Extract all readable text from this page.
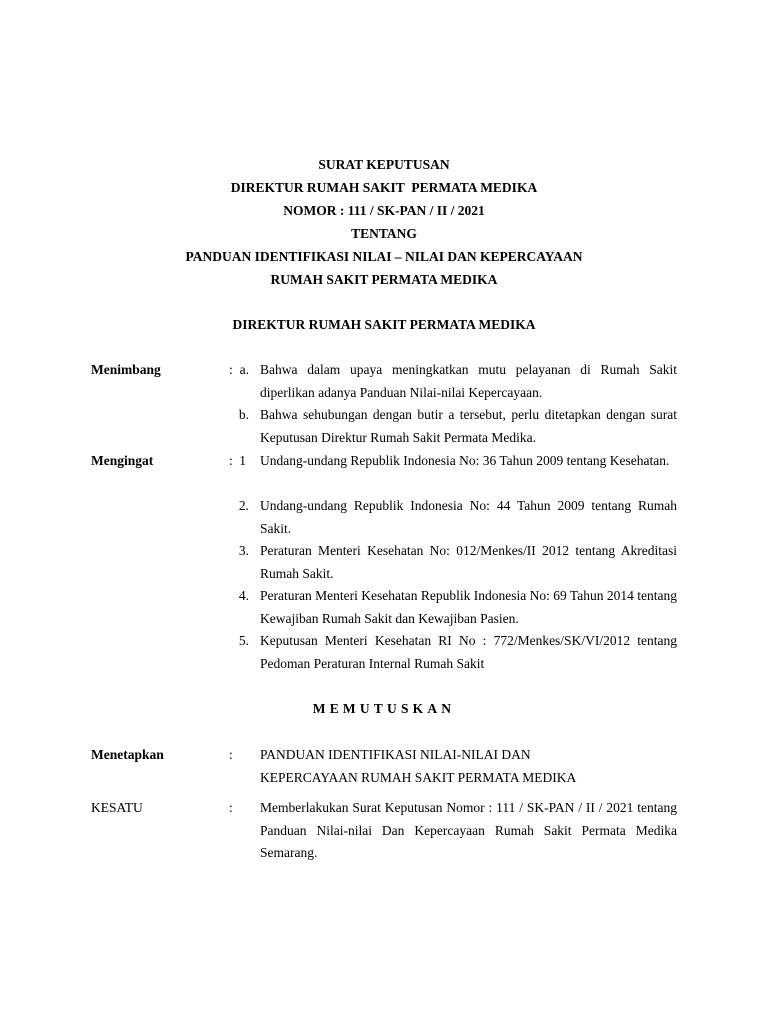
SURAT KEPUTUSAN
DIREKTUR RUMAH SAKIT  PERMATA MEDIKA
NOMOR : 111 / SK-PAN / II / 2021
TENTANG
PANDUAN IDENTIFIKASI NILAI – NILAI DAN KEPERCAYAAN
RUMAH SAKIT PERMATA MEDIKA
DIREKTUR RUMAH SAKIT PERMATA MEDIKA
Menimbang	: a. Bahwa dalam upaya meningkatkan mutu pelayanan di Rumah Sakit diperlikan adanya Panduan Nilai-nilai Kepercayaan.
b. Bahwa sehubungan dengan butir a tersebut, perlu ditetapkan dengan surat Keputusan Direktur Rumah Sakit Permata Medika.
Mengingat	: 1 Undang-undang Republik Indonesia No: 36 Tahun 2009 tentang Kesehatan.
2. Undang-undang Republik Indonesia No: 44 Tahun 2009 tentang Rumah Sakit.
3. Peraturan Menteri Kesehatan No: 012/Menkes/II 2012 tentang Akreditasi Rumah Sakit.
4. Peraturan Menteri Kesehatan Republik Indonesia No: 69 Tahun 2014 tentang Kewajiban Rumah Sakit dan Kewajiban Pasien.
5. Keputusan Menteri Kesehatan RI No : 772/Menkes/SK/VI/2012 tentang Pedoman Peraturan Internal Rumah Sakit
MEMUTUSKAN
Menetapkan	: PANDUAN IDENTIFIKASI NILAI-NILAI DAN KEPERCAYAAN RUMAH SAKIT PERMATA MEDIKA
KESATU	: Memberlakukan Surat Keputusan Nomor : 111 / SK-PAN / II / 2021 tentang Panduan Nilai-nilai Dan Kepercayaan Rumah Sakit Permata Medika Semarang.
